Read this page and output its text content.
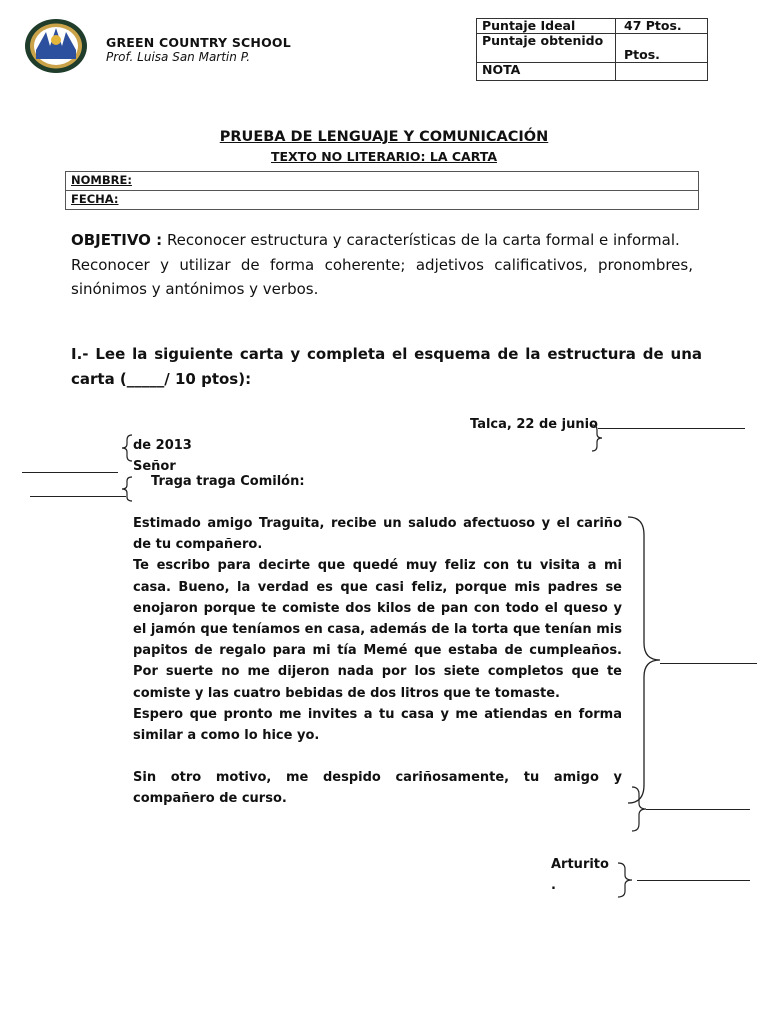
GREEN COUNTRY SCHOOL
Prof. Luisa San Martin P.
Puntaje Ideal	47 Ptos.
Puntaje obtenido	Ptos.
NOTA	
PRUEBA DE LENGUAJE Y COMUNICACIÓN
TEXTO NO LITERARIO: LA CARTA
NOMBRE:
FECHA:

OBJETIVO : Reconocer estructura y características de la carta formal e informal.

Reconocer y utilizar de forma coherente; adjetivos calificativos, pronombres, sinónimos y antónimos y verbos.

I.- Lee la siguiente carta y completa el esquema de la estructura de una carta (_____/ 10 ptos):
Talca, 22 de junio
de 2013
Señor
Traga traga Comilón:

Estimado amigo Traguita, recibe un saludo afectuoso y el cariño de tu compañero.

Te escribo para decirte que quedé muy feliz con tu visita a mi casa. Bueno, la verdad es que casi feliz, porque mis padres se enojaron porque te comiste dos kilos de pan con todo el queso y el jamón que teníamos en casa, además de la torta que tenían mis papitos de regalo para mi tía Memé que estaba de cumpleaños. Por suerte no me dijeron nada por los siete completos que te comiste y las cuatro bebidas de dos litros que te tomaste.

Espero que pronto me invites a tu casa y me atiendas en forma similar a como lo hice yo.

Sin otro motivo, me despido cariñosamente, tu amigo y compañero de curso.

Arturito
.
